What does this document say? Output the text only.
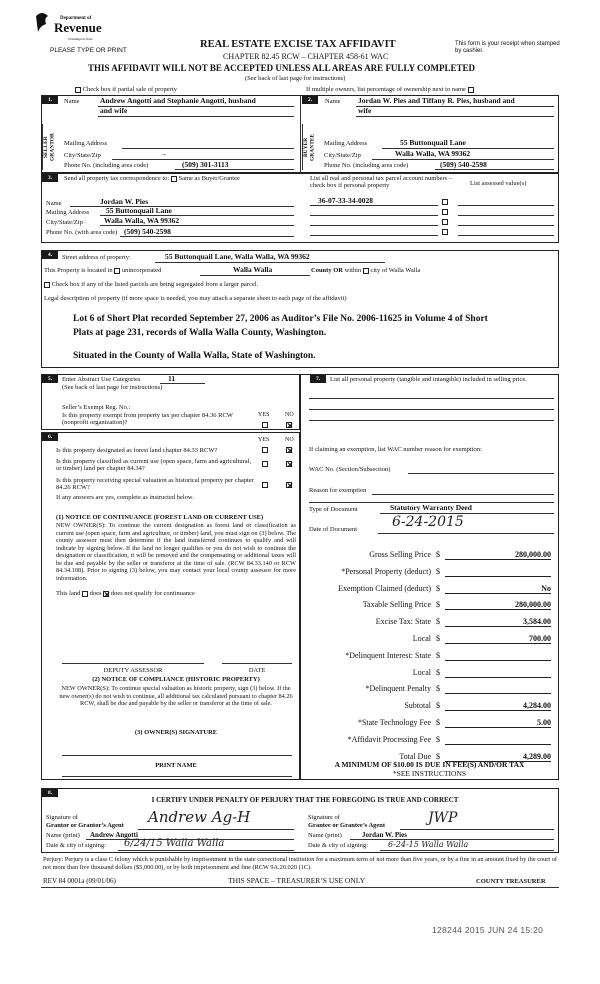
Department of
Revenue
Washington State
PLEASE TYPE OR PRINT
REAL ESTATE EXCISE TAX AFFIDAVIT
CHAPTER 82.45 RCW – CHAPTER 458-61 WAC
This form is your receipt when stamped by cashier.
THIS AFFIDAVIT WILL NOT BE ACCEPTED UNLESS ALL AREAS ARE FULLY COMPLETED
(See back of last page for instructions)
Check box if partial sale of property	If multiple owners, list percentage of ownership next to name
1.
SELLER GRANTOR
Name	Andrew Angotti and Stephanie Angotti, husband
and wife
Mailing Address
City/State/Zip	→
Phone No. (including area code)	(509) 301-3113
2.
BUYER GRANTEE
Name Jordan W. Pies and Tiffany R. Pies, husband and
wife
Mailing Address	55 Buttonquail Lane
City/State/Zip	Walla Walla, WA 99362
Phone No. (including area code)	(509) 540-2598
3.	Send all property tax correspondence to: Same as Buyer/Grantee	List all real and personal tax parcel account numbers – check box if personal property	List assessed value(s)
Name	Jordan W. Pies
Mailing Address 55 Buttonquail Lane
City/State/Zip	Walla Walla, WA 99362
Phone No. (with area code) (509) 540-2598
36-07-33-34-0028
4.	Street address of property:	55 Buttonquail Lane, Walla Walla, WA 99362
This Property is located in unincorporated	Walla Walla	County OR within city of Walla Walla
Check box if any of the listed parcels are being segregated from a larger parcel.
Legal description of property (if more space is needed, you may attach a separate sheet to each page of the affidavit)
Lot 6 of Short Plat recorded September 27, 2006 as Auditor’s File No. 2006-11625 in Volume 4 of Short
Plats at page 231, records of Walla Walla County, Washington.
Situated in the County of Walla Walla, State of Washington.
5.	Enter Abstract Use Categories	11
(See back of last page for instructions)
Seller’s Exempt Reg. No.:
Is this property exempt from property tax per chapter 84.36 RCW (nonprofit organization)?
YES	NO
6.	YES	NO
Is this property designated as forest land chapter 84.33 RCW?
Is this property classified as current use (open space, farm and agricultural, or timber) land per chapter 84.34?
Is this property receiving special valuation as historical property per chapter 84.26 RCW?
If any answers are yes, complete as instructed below.
(1) NOTICE OF CONTINUANCE (FOREST LAND OR CURRENT USE)
NEW OWNER(S): To continue the current designation as forest land or classification as current use (open space, farm and agriculture, or timber) land, you must sign on (3) below. The county assessor must then determine if the land transferred continues to qualify and will indicate by signing below. If the land no longer qualifies or you do not wish to continue the designation or classification, it will be removed and the compensating or additional taxes will be due and payable by the seller or transferor at the time of sale. (RCW 84.33.140 or RCW 84.34.108). Prior to signing (3) below, you may contact your local county assessor for more information.
This land does does not qualify for continuance
DEPUTY ASSESSOR	DATE
(2) NOTICE OF COMPLIANCE (HISTORIC PROPERTY)
NEW OWNER(S): To continue special valuation as historic property, sign (3) below. If the new owner(s) do not wish to continue, all additional tax calculated pursuant to chapter 84.26 RCW, shall be due and payable by the seller or transferor at the time of sale.
(3) OWNER(S) SIGNATURE
PRINT NAME
7.	List all personal property (tangible and intangible) included in selling price.
If claiming an exemption, list WAC number reason for exemption:
WAC No. (Section/Subsection)
Reason for exemption
Type of Document	Statutory Warranty Deed
Date of Document 6-24-2015
Gross Selling Price $	280,000.00
*Personal Property (deduct) $
Exemption Claimed (deduct) $	No
Taxable Selling Price $	280,000.00
Excise Tax: State $	3,584.00
Local $	700.00
*Delinquent Interest: State $
Local $
*Delinquent Penalty $
Subtotal $	4,284.00
*State Technology Fee $	5.00
*Affidavit Processing Fee $
Total Due $	4,289.00
A MINIMUM OF $10.00 IS DUE IN FEE(S) AND/OR TAX
*SEE INSTRUCTIONS
8.
I CERTIFY UNDER PENALTY OF PERJURY THAT THE FOREGOING IS TRUE AND CORRECT
Signature of
Grantor or Grantor’s Agent Andrew Ag-H
Name (print) Andrew Angotti
Date & city of signing: 6/24/15 Walla Walla
Signature of
Grantee or Grantee’s Agent	JWP
Name (print)	Jordan W. Pies
Date & city of signing:	6-24-15 Walla Walla
Perjury: Perjury is a class C felony which is punishable by imprisonment in the state correctional institution for a maximum term of not more than five years, or by a fine in an amount fixed by the court of not more than five thousand dollars ($5,000.00), or by both imprisonment and fine (RCW 9A.20.020 (1C).
REV 84 0001a (09/01/06)	THIS SPACE – TREASURER’S USE ONLY	COUNTY TREASURER
128244 2015 JUN 24 15:20
